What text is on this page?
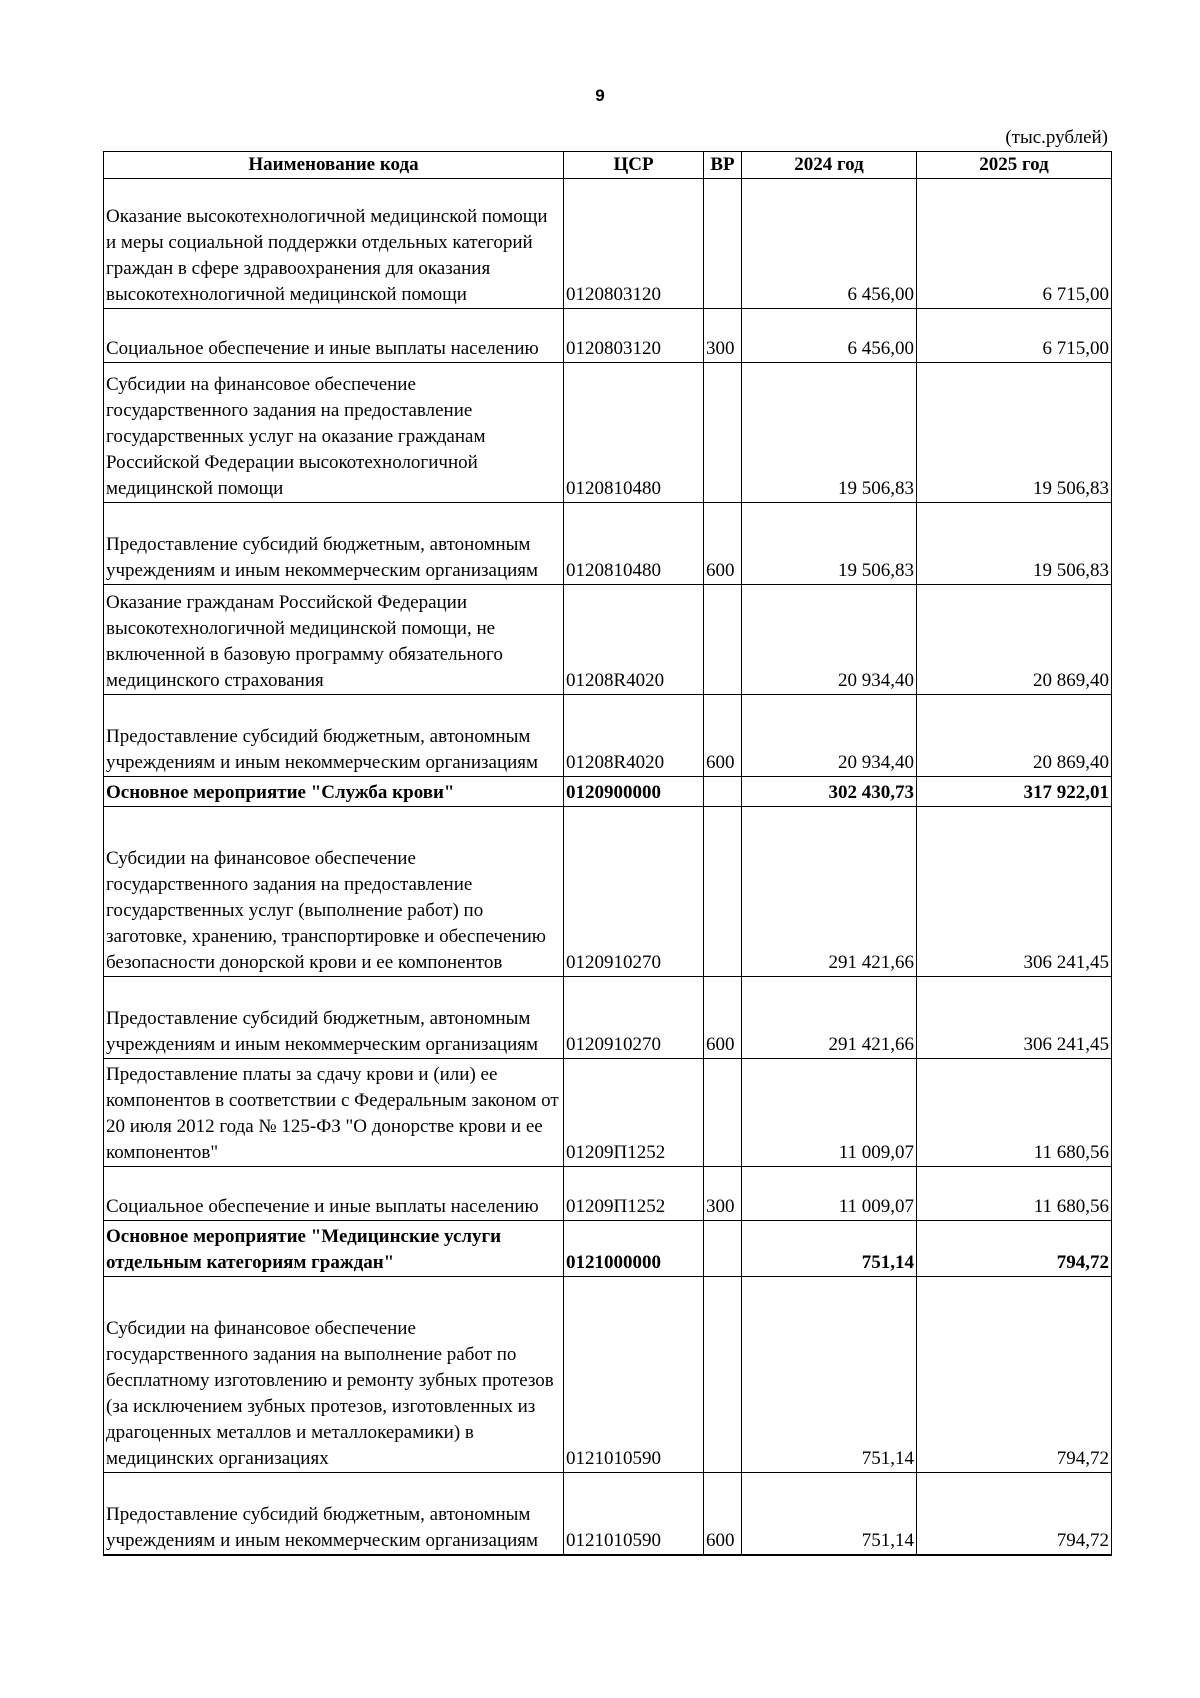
9
(тыс.рублей)
Наименование кода	ЦСР	ВР	2024 год	2025 год
Оказание высокотехнологичной медицинской помощи и меры социальной поддержки отдельных категорий граждан в сфере здравоохранения для оказания высокотехнологичной медицинской помощи	0120803120		6 456,00	6 715,00
Социальное обеспечение и иные выплаты населению	0120803120	300	6 456,00	6 715,00
Субсидии на финансовое обеспечение государственного задания на предоставление государственных услуг на оказание гражданам Российской Федерации высокотехнологичной медицинской помощи	0120810480		19 506,83	19 506,83
Предоставление субсидий бюджетным, автономным учреждениям и иным некоммерческим организациям	0120810480	600	19 506,83	19 506,83
Оказание гражданам Российской Федерации высокотехнологичной медицинской помощи, не включенной в базовую программу обязательного медицинского страхования	01208R4020		20 934,40	20 869,40
Предоставление субсидий бюджетным, автономным учреждениям и иным некоммерческим организациям	01208R4020	600	20 934,40	20 869,40
Основное мероприятие "Служба крови"	0120900000		302 430,73	317 922,01
Субсидии на финансовое обеспечение государственного задания на предоставление государственных услуг (выполнение работ) по заготовке, хранению, транспортировке и обеспечению безопасности донорской крови и ее компонентов	0120910270		291 421,66	306 241,45
Предоставление субсидий бюджетным, автономным учреждениям и иным некоммерческим организациям	0120910270	600	291 421,66	306 241,45
Предоставление платы за сдачу крови и (или) ее компонентов в соответствии с Федеральным законом от 20 июля 2012 года № 125-ФЗ "О донорстве крови и ее компонентов"	01209П1252		11 009,07	11 680,56
Социальное обеспечение и иные выплаты населению	01209П1252	300	11 009,07	11 680,56
Основное мероприятие "Медицинские услуги отдельным категориям граждан"	0121000000		751,14	794,72
Субсидии на финансовое обеспечение государственного задания на выполнение работ по бесплатному изготовлению и ремонту зубных протезов (за исключением зубных протезов, изготовленных из драгоценных металлов и металлокерамики) в медицинских организациях	0121010590		751,14	794,72
Предоставление субсидий бюджетным, автономным учреждениям и иным некоммерческим организациям	0121010590	600	751,14	794,72
